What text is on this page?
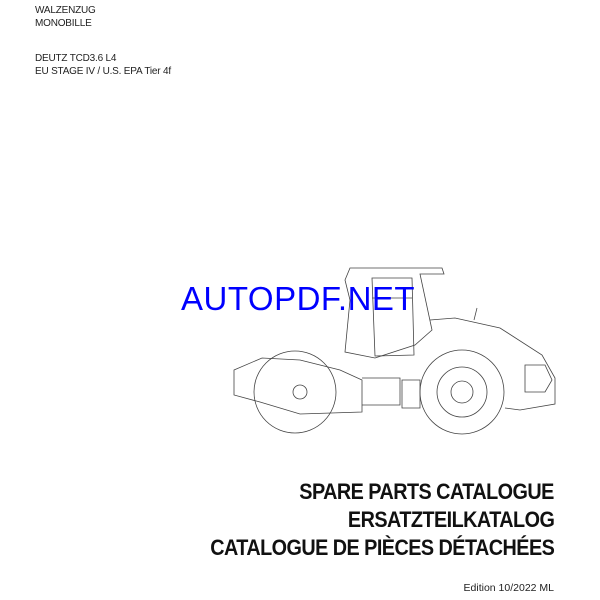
WALZENZUG
MONOBILLE
DEUTZ TCD3.6 L4
EU STAGE IV / U.S. EPA Tier 4f
AUTOPDF.NET
SPARE PARTS CATALOGUE
ERSATZTEILKATALOG
CATALOGUE DE PIÈCES DÉTACHÉES
Edition 10/2022 ML
